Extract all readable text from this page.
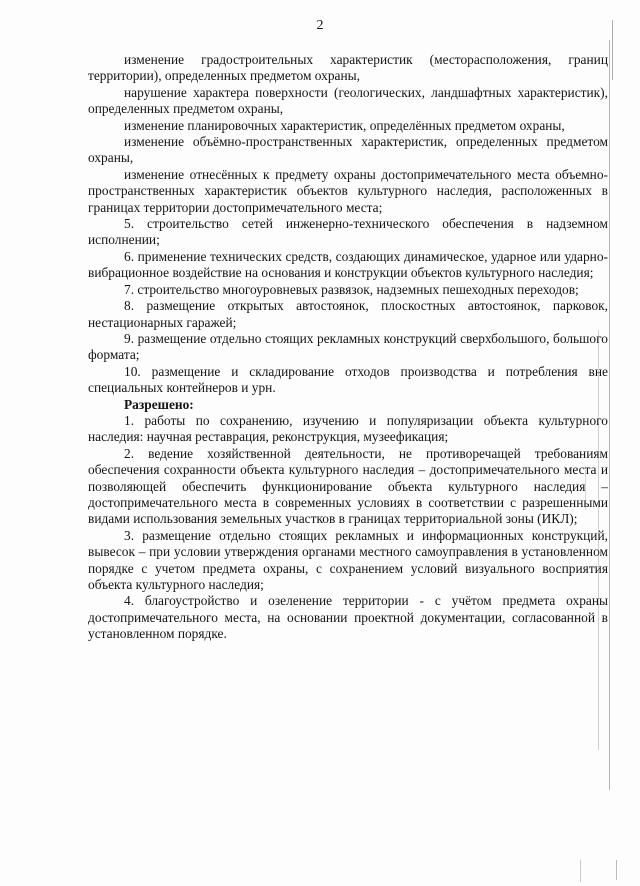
2

изменение градостроительных характеристик (месторасположения, границ территории), определенных предметом охраны,

нарушение характера поверхности (геологических, ландшафтных характеристик), определенных предметом охраны,

изменение планировочных характеристик, определённых предметом охраны,

изменение объёмно-пространственных характеристик, определенных предметом охраны,

изменение отнесённых к предмету охраны достопримечательного места объемно-пространственных характеристик объектов культурного наследия, расположенных в границах территории достопримечательного места;

5. строительство сетей инженерно-технического обеспечения в надземном исполнении;

6. применение технических средств, создающих динамическое, ударное или ударно-вибрационное воздействие на основания и конструкции объектов культурного наследия;

7. строительство многоуровневых развязок, надземных пешеходных переходов;

8. размещение открытых автостоянок, плоскостных автостоянок, парковок, нестационарных гаражей;

9. размещение отдельно стоящих рекламных конструкций сверхбольшого, большого формата;

10. размещение и складирование отходов производства и потребления вне специальных контейнеров и урн.

Разрешено:

1. работы по сохранению, изучению и популяризации объекта культурного наследия: научная реставрация, реконструкция, музеефикация;

2. ведение хозяйственной деятельности, не противоречащей требованиям обеспечения сохранности объекта культурного наследия – достопримечательного места и позволяющей обеспечить функционирование объекта культурного наследия – достопримечательного места в современных условиях в соответствии с разрешенными видами использования земельных участков в границах территориальной зоны (ИКЛ);

3. размещение отдельно стоящих рекламных и информационных конструкций, вывесок – при условии утверждения органами местного самоуправления в установленном порядке с учетом предмета охраны, с сохранением условий визуального восприятия объекта культурного наследия;

4. благоустройство и озеленение территории - с учётом предмета охраны достопримечательного места, на основании проектной документации, согласованной в установленном порядке.
